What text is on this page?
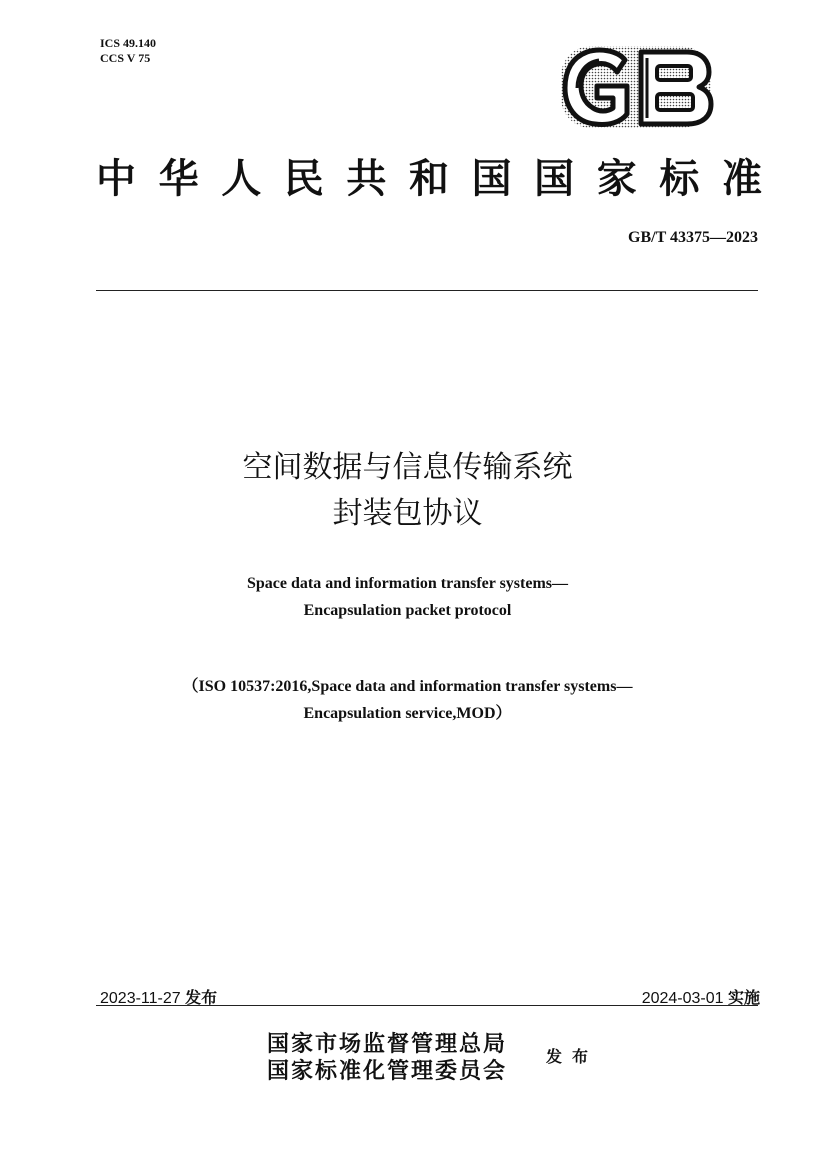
ICS 49.140
CCS V 75
中 华 人 民 共 和 国 国 家 标 准
GB/T 43375—2023
空间数据与信息传输系统
封装包协议
Space data and information transfer systems—
Encapsulation packet protocol
（ISO 10537:2016,Space data and information transfer systems—
Encapsulation service,MOD）
2023-11-27 发布	2024-03-01 实施
国家市场监督管理总局
国家标准化管理委员会
发布
